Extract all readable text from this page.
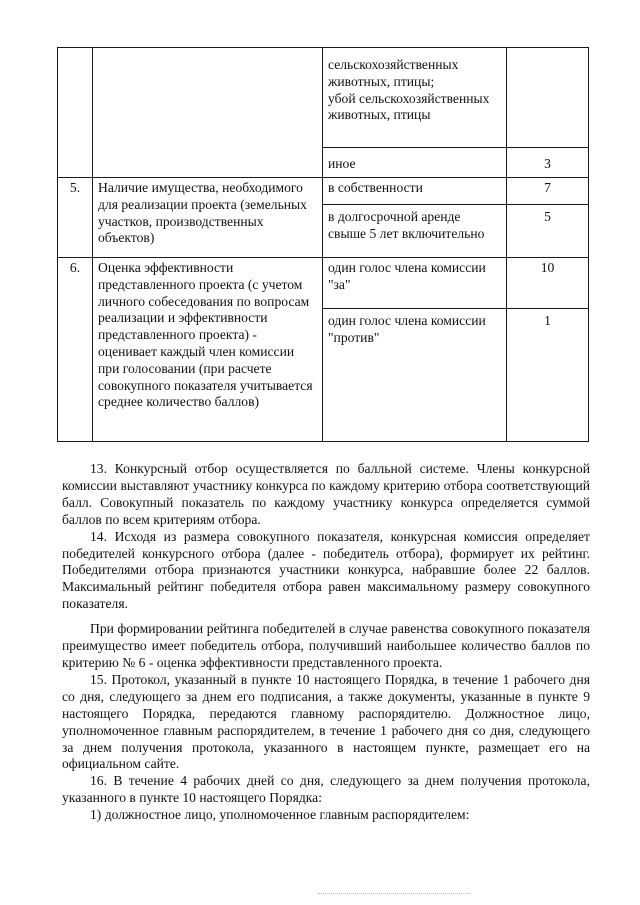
		сельскохозяйственных животных, птицы;
убой сельскохозяйственных животных, птицы	
		иное	3
5.	Наличие имущества, необходимого для реализации проекта (земельных участков, производственных объектов)	в собственности	7
		в долгосрочной аренде свыше 5 лет включительно	5
6.	Оценка эффективности представленного проекта (с учетом личного собеседования по вопросам реализации и эффективности представленного проекта) - оценивает каждый член комиссии при голосовании (при расчете совокупного показателя учитывается среднее количество баллов)	один голос члена комиссии "за"	10
		один голос члена комиссии "против"	1

13. Конкурсный отбор осуществляется по балльной системе. Члены конкурсной комиссии выставляют участнику конкурса по каждому критерию отбора соответствующий балл. Совокупный показатель по каждому участнику конкурса определяется суммой баллов по всем критериям отбора.

14. Исходя из размера совокупного показателя, конкурсная комиссия определяет победителей конкурсного отбора (далее - победитель отбора), формирует их рейтинг. Победителями отбора признаются участники конкурса, набравшие более 22 баллов. Максимальный рейтинг победителя отбора равен максимальному размеру совокупного показателя.

При формировании рейтинга победителей в случае равенства совокупного показателя преимущество имеет победитель отбора, получивший наибольшее количество баллов по критерию № 6 - оценка эффективности представленного проекта.

15. Протокол, указанный в пункте 10 настоящего Порядка, в течение 1 рабочего дня со дня, следующего за днем его подписания, а также документы, указанные в пункте 9 настоящего Порядка, передаются главному распорядителю. Должностное лицо, уполномоченное главным распорядителем, в течение 1 рабочего дня со дня, следующего за днем получения протокола, указанного в настоящем пункте, размещает его на официальном сайте.

16. В течение 4 рабочих дней со дня, следующего за днем получения протокола, указанного в пункте 10 настоящего Порядка:

1) должностное лицо, уполномоченное главным распорядителем:
